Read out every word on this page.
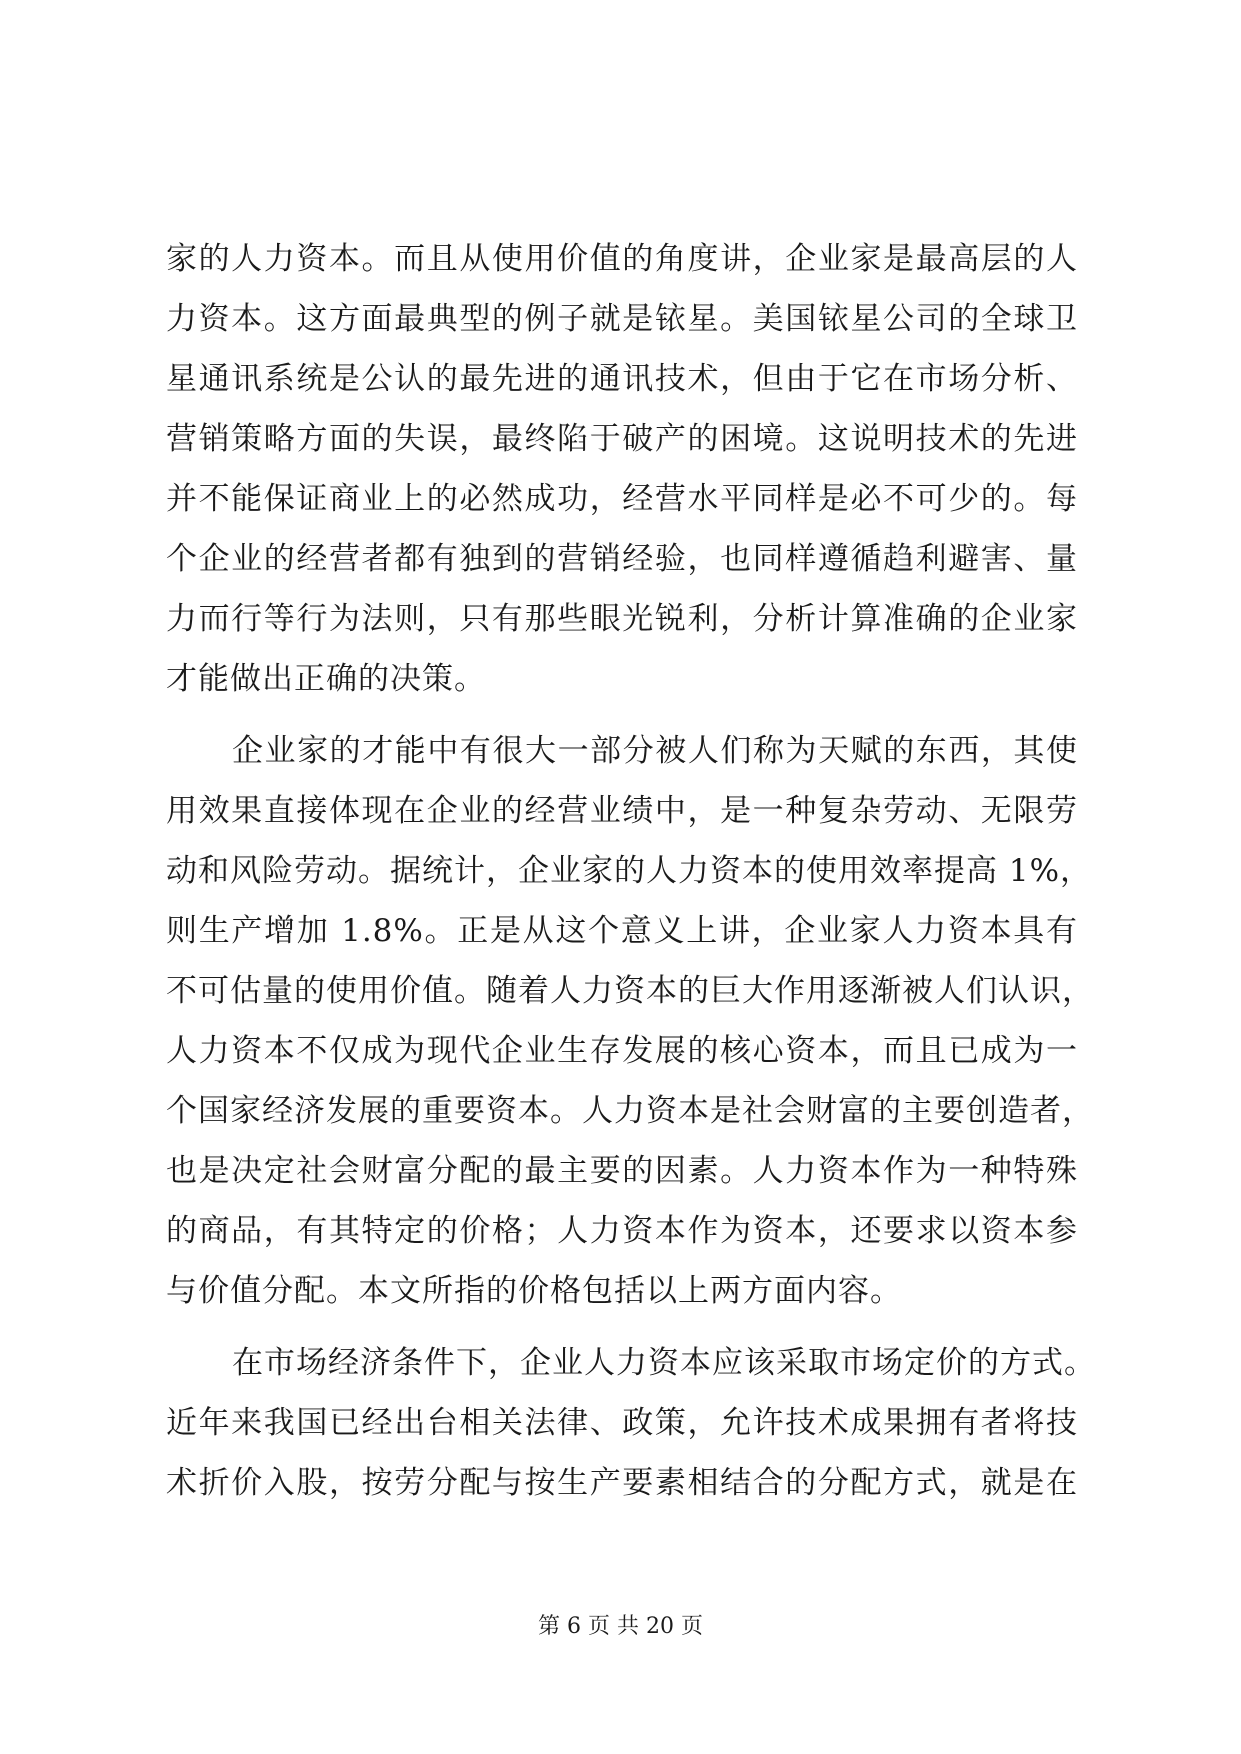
家的人力资本。而且从使用价值的角度讲，企业家是最高层的人
力资本。这方面最典型的例子就是铱星。美国铱星公司的全球卫
星通讯系统是公认的最先进的通讯技术，但由于它在市场分析、
营销策略方面的失误，最终陷于破产的困境。这说明技术的先进
并不能保证商业上的必然成功，经营水平同样是必不可少的。每
个企业的经营者都有独到的营销经验，也同样遵循趋利避害、量
力而行等行为法则，只有那些眼光锐利，分析计算准确的企业家
才能做出正确的决策。
企业家的才能中有很大一部分被人们称为天赋的东西，其使
用效果直接体现在企业的经营业绩中，是一种复杂劳动、无限劳
动和风险劳动。据统计，企业家的人力资本的使用效率提高 1%，
则生产增加 1.8%。正是从这个意义上讲，企业家人力资本具有
不可估量的使用价值。随着人力资本的巨大作用逐渐被人们认识，
人力资本不仅成为现代企业生存发展的核心资本，而且已成为一
个国家经济发展的重要资本。人力资本是社会财富的主要创造者，
也是决定社会财富分配的最主要的因素。人力资本作为一种特殊
的商品，有其特定的价格；人力资本作为资本，还要求以资本参
与价值分配。本文所指的价格包括以上两方面内容。
在市场经济条件下，企业人力资本应该采取市场定价的方式。
近年来我国已经出台相关法律、政策，允许技术成果拥有者将技
术折价入股，按劳分配与按生产要素相结合的分配方式，就是在
第 6 页 共 20 页
